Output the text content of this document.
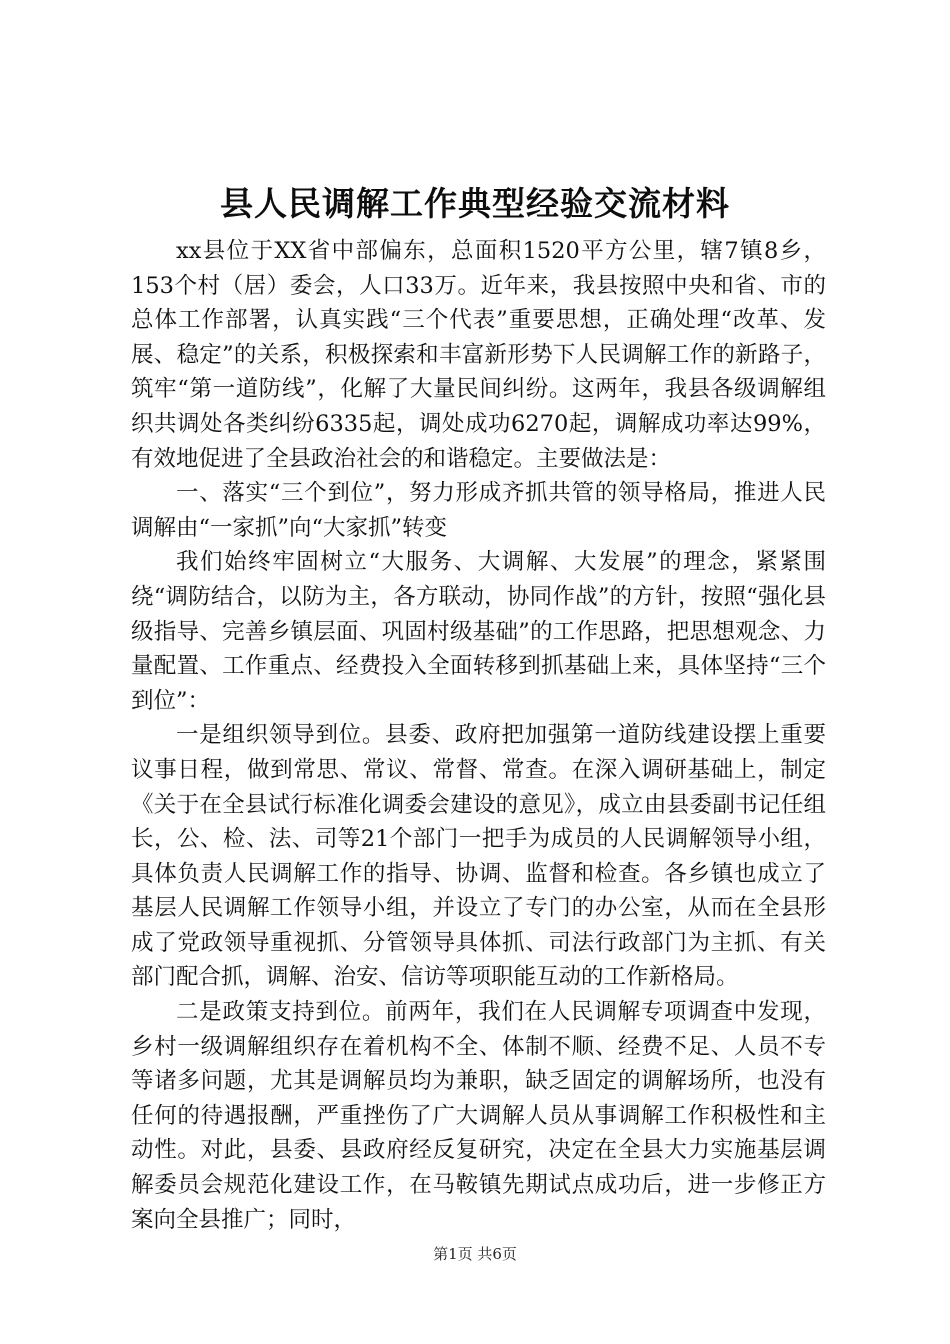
县人民调解工作典型经验交流材料

xx县位于XX省中部偏东，总面积1520平方公里，辖7镇8乡，153个村（居）委会，人口33万。近年来，我县按照中央和省、市的总体工作部署，认真实践“三个代表”重要思想，正确处理“改革、发展、稳定”的关系，积极探索和丰富新形势下人民调解工作的新路子，筑牢“第一道防线”，化解了大量民间纠纷。这两年，我县各级调解组织共调处各类纠纷6335起，调处成功6270起，调解成功率达99%，有效地促进了全县政治社会的和谐稳定。主要做法是：

一、落实“三个到位”，努力形成齐抓共管的领导格局，推进人民调解由“一家抓”向“大家抓”转变

我们始终牢固树立“大服务、大调解、大发展”的理念，紧紧围绕“调防结合，以防为主，各方联动，协同作战”的方针，按照“强化县级指导、完善乡镇层面、巩固村级基础”的工作思路，把思想观念、力量配置、工作重点、经费投入全面转移到抓基础上来，具体坚持“三个到位”：

一是组织领导到位。县委、政府把加强第一道防线建设摆上重要议事日程，做到常思、常议、常督、常查。在深入调研基础上，制定《关于在全县试行标准化调委会建设的意见》，成立由县委副书记任组长，公、检、法、司等21个部门一把手为成员的人民调解领导小组，具体负责人民调解工作的指导、协调、监督和检查。各乡镇也成立了基层人民调解工作领导小组，并设立了专门的办公室，从而在全县形成了党政领导重视抓、分管领导具体抓、司法行政部门为主抓、有关部门配合抓，调解、治安、信访等项职能互动的工作新格局。

二是政策支持到位。前两年，我们在人民调解专项调查中发现，乡村一级调解组织存在着机构不全、体制不顺、经费不足、人员不专等诸多问题，尤其是调解员均为兼职，缺乏固定的调解场所，也没有任何的待遇报酬，严重挫伤了广大调解人员从事调解工作积极性和主动性。对此，县委、县政府经反复研究，决定在全县大力实施基层调解委员会规范化建设工作，在马鞍镇先期试点成功后，进一步修正方案向全县推广；同时，

第1页 共6页
